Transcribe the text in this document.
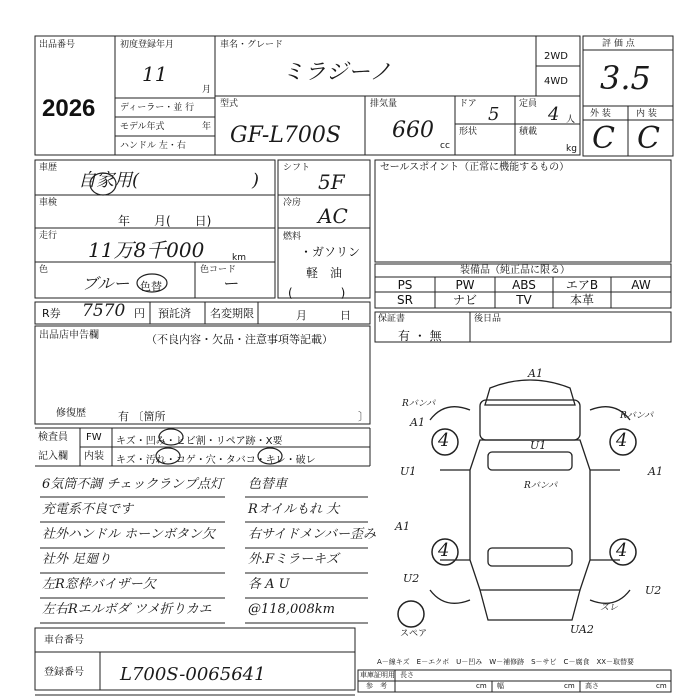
出品番号
2026
初度登録年月
11
月
車名・グレード
ミラジーノ
2WD
4WD
評 価 点
3.5
外 装	内 装
C C
ディーラー・並 行
モデル年式	年
ハンドル 左・右
型式
GF-L700S
排気量
660
cc
ドア 5 定員 4 人
形状	積載
kg
車歴
自家用(	)
車検
年　　月(　　日)
走行
11万8千000	km
色
ブルー 色替
色コード
ー
シフト
5F
冷房
AC
燃料
・ガソリン
軽　油
(　　　　)
R券 7570 円 預託済 名変期限	月　　　日
セールスポイント（正常に機能するもの）
装備品（純正品に限る）
PS	PW	ABS	エアB	AW
SR	ナビ	TV	本革
保証書
有 ・ 無
後日品
出品店申告欄	（不良内容・欠品・注意事項等記載）
修復歴	有 〔箇所	〕
検査員
記入欄
FW キズ・凹み・ヒビ割・リペア跡・X要
内装 キズ・汚れ・コゲ・穴・タバコ・キレ・破レ
6気筒不調 チェックランプ点灯
充電系不良です
社外ハンドル ホーンボタン欠
社外 足廻り
左R窓枠バイザー欠
左右Rエルボダ ツメ折りカエ
色替車
Rオイルもれ 大
右サイドメンバー歪み
外.Fミラーキズ
各 A U
@118,008km
車台番号
登録番号 L700S-0065641
A1
A1
U1
U1
A1
A1
U2
U2
UA2
Rバンパ
Rバンパ
Rバンパ
ズレ
4	4
4	4
スペア
A－線キズ　E－エクボ　U－凹み　W－補修跡　S－サビ　C－腐食　XX－取替要
車庫証明用
参　考
長さ
幅	高さ
cm	cm	cm
